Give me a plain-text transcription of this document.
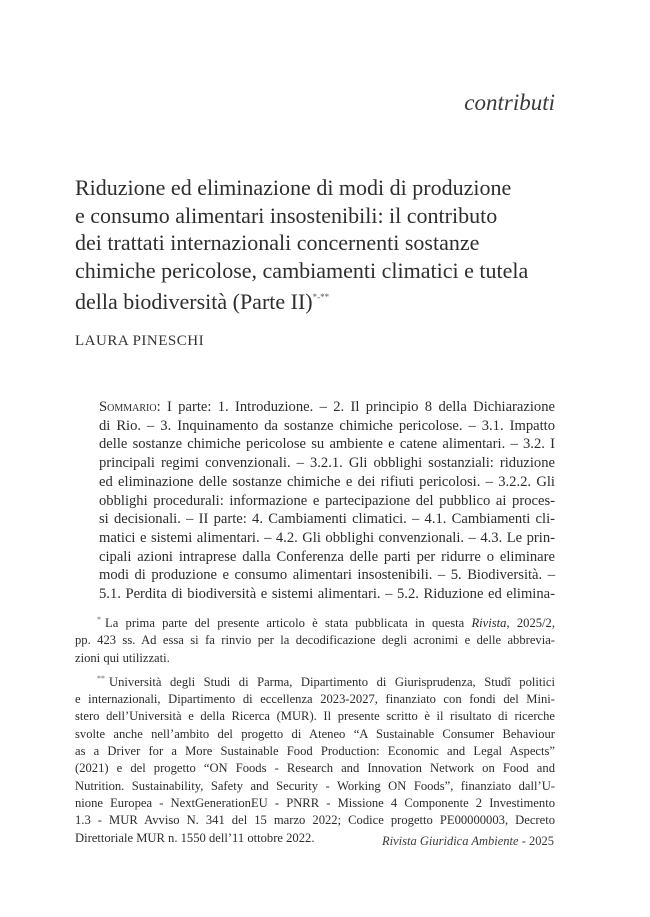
contributi
Riduzione ed eliminazione di modi di produzione
e consumo alimentari insostenibili: il contributo
dei trattati internazionali concernenti sostanze
chimiche pericolose, cambiamenti climatici e tutela
della biodiversità (Parte II)*-**
LAURA PINESCHI
Sommario: I parte: 1. Introduzione. – 2. Il principio 8 della Dichiarazione
di Rio. – 3. Inquinamento da sostanze chimiche pericolose. – 3.1. Impatto
delle sostanze chimiche pericolose su ambiente e catene alimentari. – 3.2. I
principali regimi convenzionali. – 3.2.1. Gli obblighi sostanziali: riduzione
ed eliminazione delle sostanze chimiche e dei rifiuti pericolosi. – 3.2.2. Gli
obblighi procedurali: informazione e partecipazione del pubblico ai proces-
si decisionali. – II parte: 4. Cambiamenti climatici. – 4.1. Cambiamenti cli-
matici e sistemi alimentari. – 4.2. Gli obblighi convenzionali. – 4.3. Le prin-
cipali azioni intraprese dalla Conferenza delle parti per ridurre o eliminare
modi di produzione e consumo alimentari insostenibili. – 5. Biodiversità. –
5.1. Perdita di biodiversità e sistemi alimentari. – 5.2. Riduzione ed elimina-
* La prima parte del presente articolo è stata pubblicata in questa Rivista, 2025/2,
pp. 423 ss. Ad essa si fa rinvio per la decodificazione degli acronimi e delle abbrevia-
zioni qui utilizzati.
** Università degli Studi di Parma, Dipartimento di Giurisprudenza, Studî politici
e internazionali, Dipartimento di eccellenza 2023-2027, finanziato con fondi del Mini-
stero dell’Università e della Ricerca (MUR). Il presente scritto è il risultato di ricerche
svolte anche nell’ambito del progetto di Ateneo “A Sustainable Consumer Behaviour
as a Driver for a More Sustainable Food Production: Economic and Legal Aspects”
(2021) e del progetto “ON Foods - Research and Innovation Network on Food and
Nutrition. Sustainability, Safety and Security - Working ON Foods”, finanziato dall’U-
nione Europea - NextGenerationEU - PNRR - Missione 4 Componente 2 Investimento
1.3 - MUR Avviso N. 341 del 15 marzo 2022; Codice progetto PE00000003, Decreto
Direttoriale MUR n. 1550 dell’11 ottobre 2022.	Rivista Giuridica Ambiente - 2025
